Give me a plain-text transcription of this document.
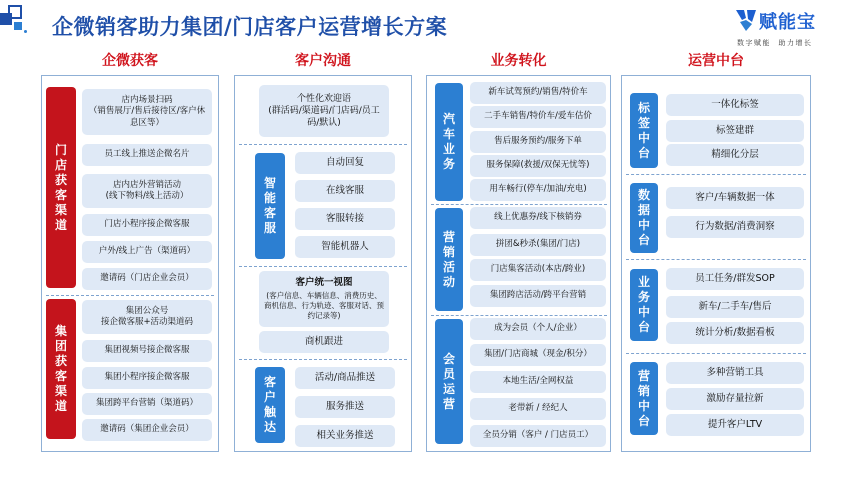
企微销客助力集团/门店客户运营增长方案	赋能宝
数字赋能  助力增长
企微获客
门店获客渠道
店内场景扫码
（销售展厅/售后接待区/客户休息区等）
员工线上推送企微名片
店内店外营销活动
(线下物料/线上活动）
门店小程序接企微客服
户外/线上广告（渠道码）
邀请码（门店企业会员）
集团获客渠道
集团公众号
接企微客服+活动渠道码
集团视频号接企微客服
集团小程序接企微客服
集团跨平台营销（渠道码）
邀请码（集团企业会员）
客户沟通
个性化欢迎语
(群活码/渠道码/门店码/员工码/默认)
智能客服
自动回复
在线客服
客服转接
智能机器人
客户统一视图
(客户信息、车辆信息、消费历史、商机信息、行为轨迹、客服对话、预约记录等)
商机跟进
客户触达
活动/商品推送
服务推送
相关业务推送
业务转化
汽车业务
新车试驾预约/销售/特价车
二手车销售/特价车/爱车估价
售后服务预约/服务下单
服务保障(救援/双保无忧等)
用车畅行(停车/加油/充电)
营销活动
线上优惠券/线下核销券
拼团&秒杀(集团/门店)
门店集客活动(本店/跨业)
集团跨店活动/跨平台营销
会员运营
成为会员（个人/企业）
集团/门店商城（现金/积分）
本地生活/全网权益
老带新 / 经纪人
全员分销（客户 / 门店员工）
运营中台
标签中台
一体化标签
标签建群
精细化分层
数据中台
客户/车辆数据一体
行为数据/消费洞察
业务中台
员工任务/群发SOP
新车/二手车/售后
统计分析/数据看板
营销中台
多种营销工具
激励存量拉新
提升客户LTV
